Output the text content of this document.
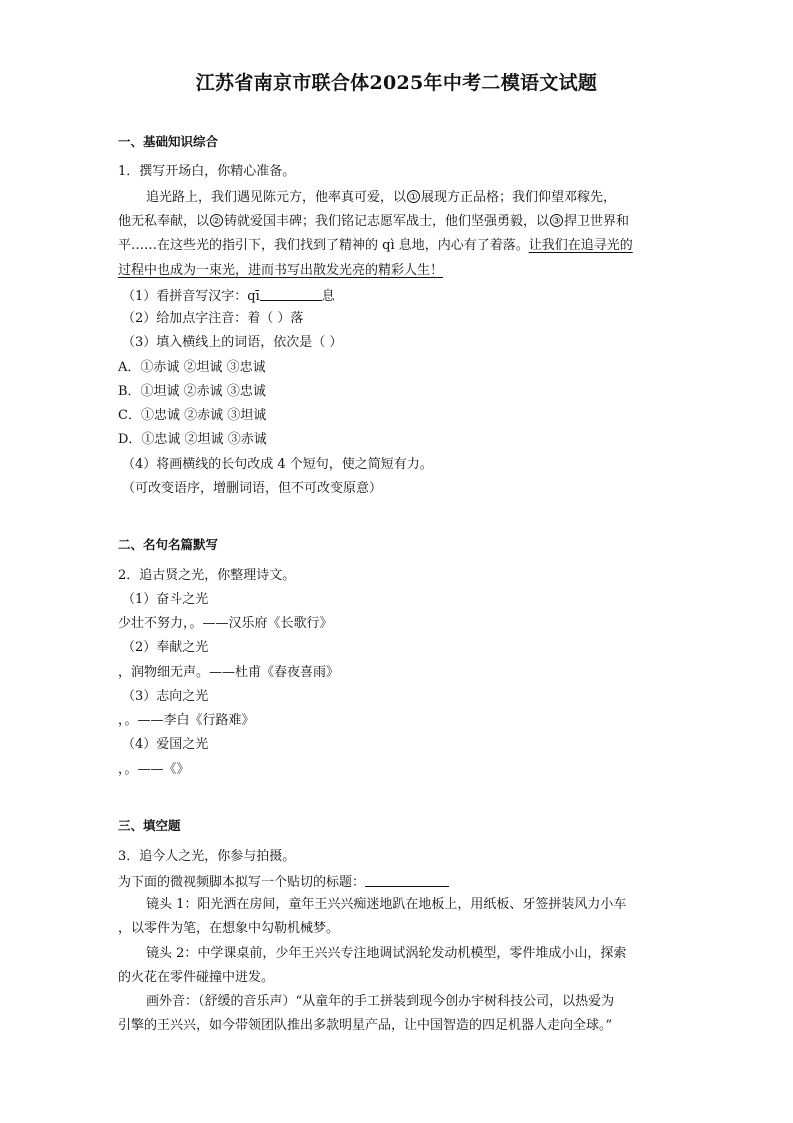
江苏省南京市联合体2025年中考二模语文试题
一、基础知识综合
1．撰写开场白，你精心准备。
追光路上，我们遇见陈元方，他率真可爱，以 ① 展现方正品格；我们仰望邓稼先，
他无私奉献，以 ② 铸就爱国丰碑；我们铭记志愿军战士，他们坚强勇毅，以 ③ 捍卫世界和
平……在这些光的指引下，我们找到了精神的 qì 息地，内心有了着落。让我们在追寻光的
过程中也成为一束光，进而书写出散发光亮的精彩人生！
（1）看拼音写汉字：qī	息
（2）给加点字注音：着（ ）落
（3）填入横线上的词语，依次是（ ）
A．①赤诚 ②坦诚 ③忠诚
B．①坦诚 ②赤诚 ③忠诚
C．①忠诚 ②赤诚 ③坦诚
D．①忠诚 ②坦诚 ③赤诚
（4）将画横线的长句改成 4 个短句，使之简短有力。
（可改变语序，增删词语，但不可改变原意）
二、名句名篇默写
2．追古贤之光，你整理诗文。
（1）奋斗之光
少壮不努力，。——汉乐府《长歌行》
（2）奉献之光
，润物细无声。——杜甫《春夜喜雨》
（3）志向之光
，。——李白《行路难》
（4）爱国之光
，。——《》
三、填空题
3．追今人之光，你参与拍摄。
为下面的微视频脚本拟写一个贴切的标题：
镜头 1：阳光洒在房间，童年王兴兴痴迷地趴在地板上，用纸板、牙签拼装风力小车
，以零件为笔，在想象中勾勒机械梦。
镜头 2：中学课桌前，少年王兴兴专注地调试涡轮发动机模型，零件堆成小山，探索
的火花在零件碰撞中迸发。
画外音：（舒缓的音乐声）“从童年的手工拼装到现今创办宇树科技公司，以热爱为
引擎的王兴兴，如今带领团队推出多款明星产品，让中国智造的四足机器人走向全球。”
